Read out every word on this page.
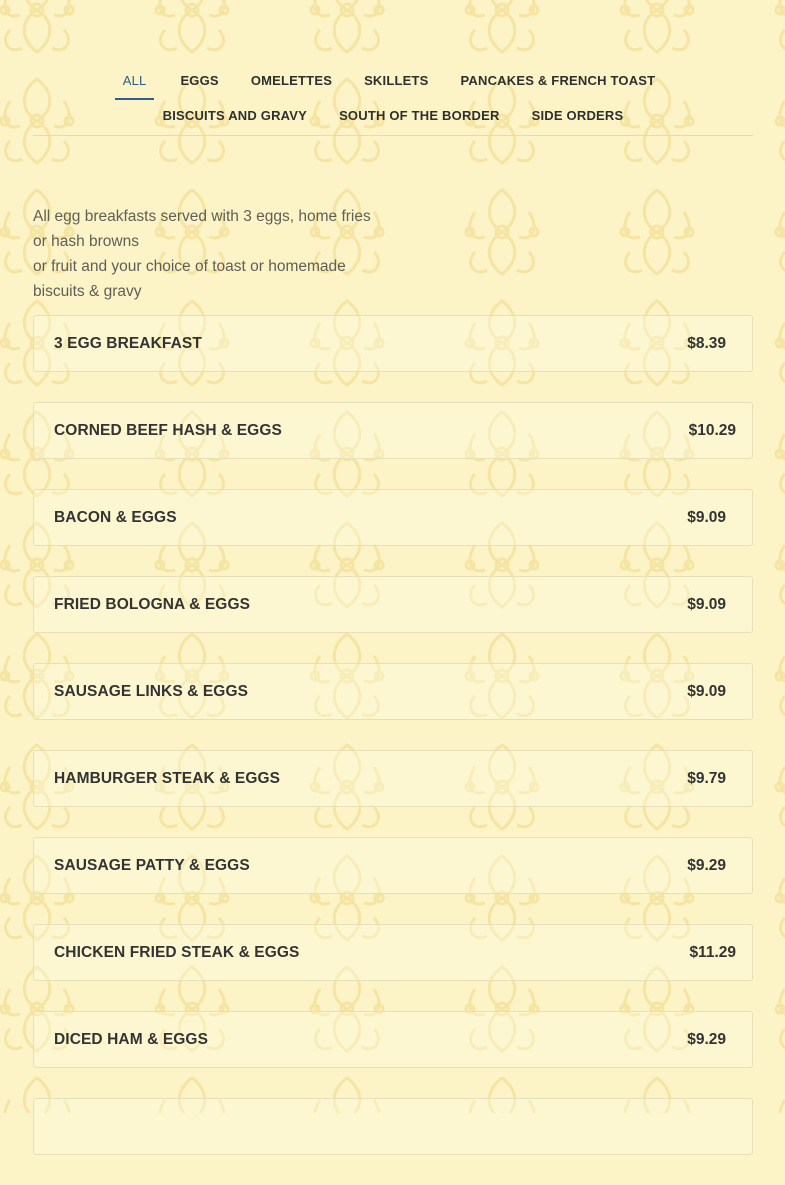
ALL	EGGS	OMELETTES	SKILLETS	PANCAKES & FRENCH TOAST
BISCUITS AND GRAVY	SOUTH OF THE BORDER	SIDE ORDERS
All egg breakfasts served with 3 eggs, home fries
or hash browns
or fruit and your choice of toast or homemade
biscuits & gravy
3 EGG BREAKFAST	$8.39
CORNED BEEF HASH & EGGS	$10.29
BACON & EGGS	$9.09
FRIED BOLOGNA & EGGS	$9.09
SAUSAGE LINKS & EGGS	$9.09
HAMBURGER STEAK & EGGS	$9.79
SAUSAGE PATTY & EGGS	$9.29
CHICKEN FRIED STEAK & EGGS	$11.29
DICED HAM & EGGS	$9.29
